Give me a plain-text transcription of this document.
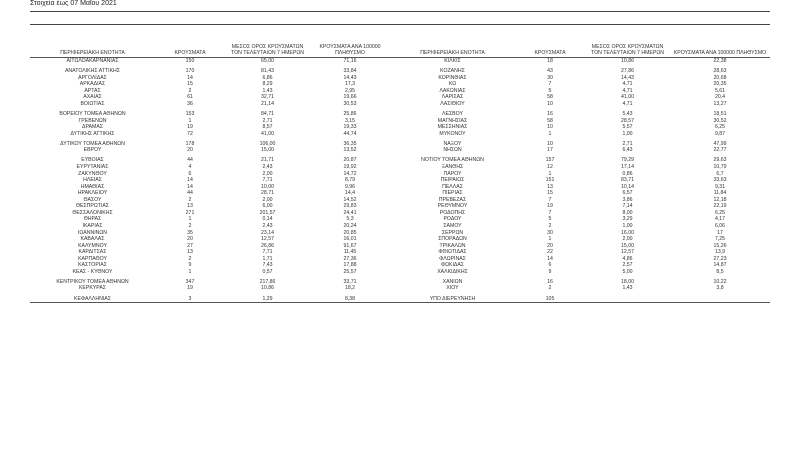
Στοιχεία έως 07 Μαΐου 2021
ΠΕΡΙΦΕΡΕΙΑΚΗ ΕΝΟΤΗΤΑ	ΚΡΟΥΣΜΑΤΑ	ΜΕΣΟΣ ΟΡΟΣ ΚΡΟΥΣΜΑΤΩΝ ΤΟΝ ΤΕΛΕΥΤΑΙΩΝ 7 ΗΜΕΡΩΝ	ΚΡΟΥΣΜΑΤΑ ΑΝΑ 100000 ΠΛΗΘΥΣΜΟ	ΠΕΡΙΦΕΡΕΙΑΚΗ ΕΝΟΤΗΤΑ	ΚΡΟΥΣΜΑΤΑ	ΜΕΣΟΣ ΟΡΟΣ ΚΡΟΥΣΜΑΤΩΝ ΤΟΝ ΤΕΛΕΥΤΑΙΩΝ 7 ΗΜΕΡΩΝ	ΚΡΟΥΣΜΑΤΑ ΑΝΑ 100000 ΠΛΗΘΥΣΜΟ
ΑΙΤΩΛΟΑΚΑΡΝΑΝΙΑΣ	150	65,00	71,16	ΚΙΛΚΙΣ	18	10,86	22,38

ΑΝΑΤΟΛΙΚΗΣ ΑΤΤΙΚΗΣ	170	81,43	33,84	ΚΟΖΑΝΗΣ	43	27,86	28,63
ΑΡΓΟΛΙΔΑΣ	14	6,86	14,43	ΚΟΡΙΝΘΙΑΣ	30	14,43	20,68
ΑΡΚΑΔΙΑΣ	15	8,29	17,3	ΚΩ	7	4,71	20,35
ΑΡΤΑΣ	2	1,43	2,95	ΛΑΚΩΝΙΑΣ	5	4,71	5,61
ΑΧΑΪΑΣ	61	32,71	19,66	ΛΑΡΙΣΑΣ	58	41,00	20,4
ΒΟΙΩΤΙΑΣ	36	21,14	30,53	ΛΑΣΙΘΙΟΥ	10	4,71	13,27

ΒΟΡΕΙΟΥ ΤΟΜΕΑ ΑΘΗΝΩΝ	153	84,71	25,86	ΛΕΣΒΟΥ	16	5,43	18,51
ΓΡΕΒΕΝΩΝ	1	2,71	3,15	ΜΑΓΝΗΣΙΑΣ	58	28,57	30,52
ΔΡΑΜΑΣ	19	8,57	19,33	ΜΕΣΣΗΝΙΑΣ	10	5,57	6,25
ΔΥΤΙΚΗΣ ΑΤΤΙΚΗΣ	72	41,00	44,74	ΜΥΚΟΝΟΥ	1	1,00	9,87

ΔΥΤΙΚΟΥ ΤΟΜΕΑ ΑΘΗΝΩΝ	178	106,00	36,35	ΝΑΞΟΥ	10	2,71	47,99
ΕΒΡΟΥ	20	15,00	13,52	ΝΗΣΩΝ	17	6,43	22,77

ΕΥΒΟΙΑΣ	44	21,71	20,87	ΝΟΤΙΟΥ ΤΟΜΕΑ ΑΘΗΝΩΝ	157	79,29	29,63
ΕΥΡΥΤΑΝΙΑΣ	4	2,43	19,92	ΞΑΝΘΗΣ	12	17,14	10,79
ΖΑΚΥΝΘΟΥ	6	2,00	14,72	ΠΑΡΟΥ	1	0,86	6,7
ΗΛΕΙΑΣ	14	7,71	8,79	ΠΕΙΡΑΙΩΣ	151	83,71	33,63
ΗΜΑΘΙΑΣ	14	10,00	9,96	ΠΕΛΛΑΣ	13	10,14	9,31
ΗΡΑΚΛΕΙΟΥ	44	28,71	14,4	ΠΙΕΡΙΑΣ	15	6,57	11,84
ΘΑΣΟΥ	2	2,00	14,52	ΠΡΕΒΕΖΑΣ	7	3,86	12,18
ΘΕΣΠΡΩΤΙΑΣ	13	6,00	29,83	ΡΕΘΥΜΝΟΥ	19	7,14	22,19
ΘΕΣΣΑΛΟΝΙΚΗΣ	271	201,57	24,41	ΡΟΔΟΠΗΣ	7	8,00	6,25
ΘΗΡΑΣ	1	0,14	5,3	ΡΟΔΟΥ	5	3,29	4,17
ΙΚΑΡΙΑΣ	2	2,43	20,24	ΣΑΜΟΥ	2	1,00	6,06
ΙΩΑΝΝΙΝΩΝ	35	23,14	20,85	ΣΕΡΡΩΝ	30	16,00	17
ΚΑΒΑΛΑΣ	20	12,57	16,01	ΣΠΟΡΑΔΩΝ	1	2,00	7,25
ΚΑΛΥΜΝΟΥ	27	26,86	91,67	ΤΡΙΚΑΛΩΝ	20	15,00	15,26
ΚΑΡΔΙΤΣΑΣ	13	7,71	11,45	ΦΘΙΩΤΙΔΑΣ	22	12,57	13,9
ΚΑΡΠΑΘΟΥ	2	1,71	27,36	ΦΛΩΡΙΝΑΣ	14	4,86	27,23
ΚΑΣΤΟΡΙΑΣ	9	7,43	17,88	ΦΩΚΙΔΑΣ	6	2,57	14,87
ΚΕΑΣ - ΚΥΘΝΟΥ	1	0,57	25,57	ΧΑΛΚΙΔΙΚΗΣ	9	5,00	8,5

ΚΕΝΤΡΙΚΟΥ ΤΟΜΕΑ ΑΘΗΝΩΝ	347	217,86	33,71	ΧΑΝΙΩΝ	16	18,00	10,22
ΚΕΡΚΥΡΑΣ	19	10,86	18,2	ΧΙΟΥ	2	1,43	3,8

ΚΕΦΑΛΛΗΝΙΑΣ	3	1,29	8,38	ΥΠΟ ΔΙΕΡΕΥΝΗΣΗ	105		
